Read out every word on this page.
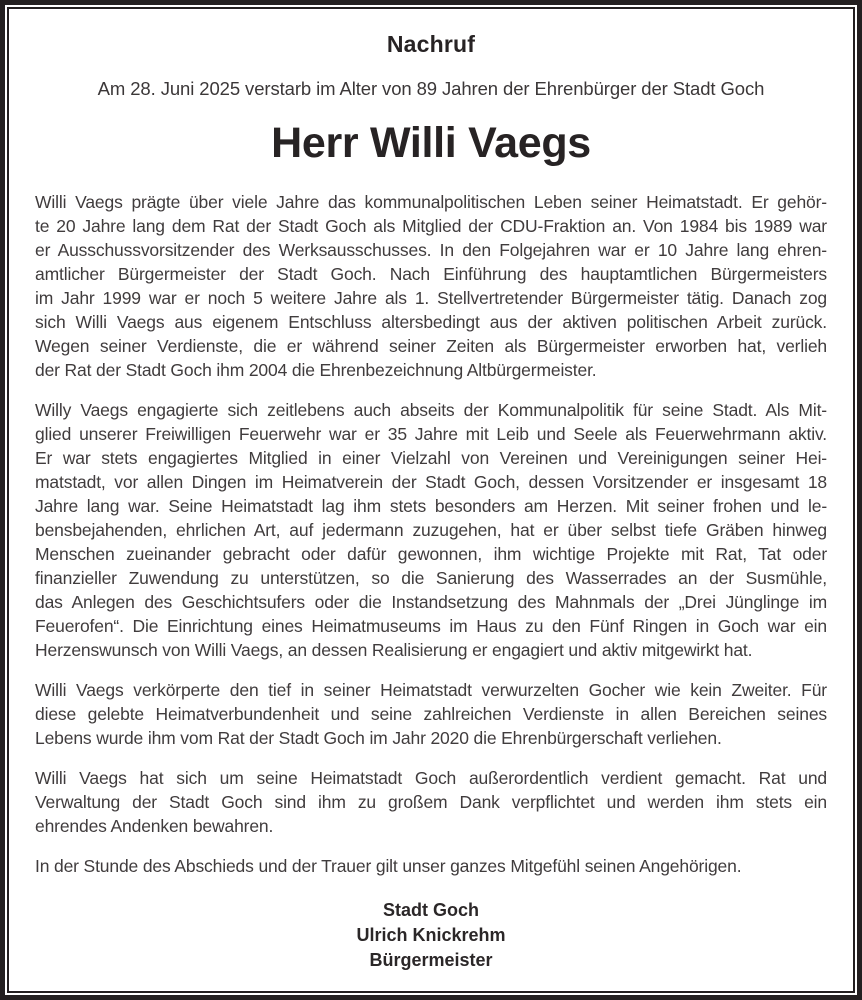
Nachruf
Am 28. Juni 2025 verstarb im Alter von 89 Jahren der Ehrenbürger der Stadt Goch
Herr Willi Vaegs
Willi Vaegs prägte über viele Jahre das kommunalpolitischen Leben seiner Heimatstadt. Er gehör-
te 20 Jahre lang dem Rat der Stadt Goch als Mitglied der CDU-Fraktion an. Von 1984 bis 1989 war
er Ausschussvorsitzender des Werksausschusses. In den Folgejahren war er 10 Jahre lang ehren-
amtlicher Bürgermeister der Stadt Goch. Nach Einführung des hauptamtlichen Bürgermeisters
im Jahr 1999 war er noch 5 weitere Jahre als 1. Stellvertretender Bürgermeister tätig. Danach zog
sich Willi Vaegs aus eigenem Entschluss altersbedingt aus der aktiven politischen Arbeit zurück.
Wegen seiner Verdienste, die er während seiner Zeiten als Bürgermeister erworben hat, verlieh
der Rat der Stadt Goch ihm 2004 die Ehrenbezeichnung Altbürgermeister.
Willy Vaegs engagierte sich zeitlebens auch abseits der Kommunalpolitik für seine Stadt. Als Mit-
glied unserer Freiwilligen Feuerwehr war er 35 Jahre mit Leib und Seele als Feuerwehrmann aktiv.
Er war stets engagiertes Mitglied in einer Vielzahl von Vereinen und Vereinigungen seiner Hei-
matstadt, vor allen Dingen im Heimatverein der Stadt Goch, dessen Vorsitzender er insgesamt 18
Jahre lang war. Seine Heimatstadt lag ihm stets besonders am Herzen. Mit seiner frohen und le-
bensbejahenden, ehrlichen Art, auf jedermann zuzugehen, hat er über selbst tiefe Gräben hinweg
Menschen zueinander gebracht oder dafür gewonnen, ihm wichtige Projekte mit Rat, Tat oder
finanzieller Zuwendung zu unterstützen, so die Sanierung des Wasserrades an der Susmühle,
das Anlegen des Geschichtsufers oder die Instandsetzung des Mahnmals der „Drei Jünglinge im
Feuerofen“. Die Einrichtung eines Heimatmuseums im Haus zu den Fünf Ringen in Goch war ein
Herzenswunsch von Willi Vaegs, an dessen Realisierung er engagiert und aktiv mitgewirkt hat.
Willi Vaegs verkörperte den tief in seiner Heimatstadt verwurzelten Gocher wie kein Zweiter. Für
diese gelebte Heimatverbundenheit und seine zahlreichen Verdienste in allen Bereichen seines
Lebens wurde ihm vom Rat der Stadt Goch im Jahr 2020 die Ehrenbürgerschaft verliehen.
Willi Vaegs hat sich um seine Heimatstadt Goch außerordentlich verdient gemacht. Rat und
Verwaltung der Stadt Goch sind ihm zu großem Dank verpflichtet und werden ihm stets ein
ehrendes Andenken bewahren.
In der Stunde des Abschieds und der Trauer gilt unser ganzes Mitgefühl seinen Angehörigen.
Stadt Goch
Ulrich Knickrehm
Bürgermeister
